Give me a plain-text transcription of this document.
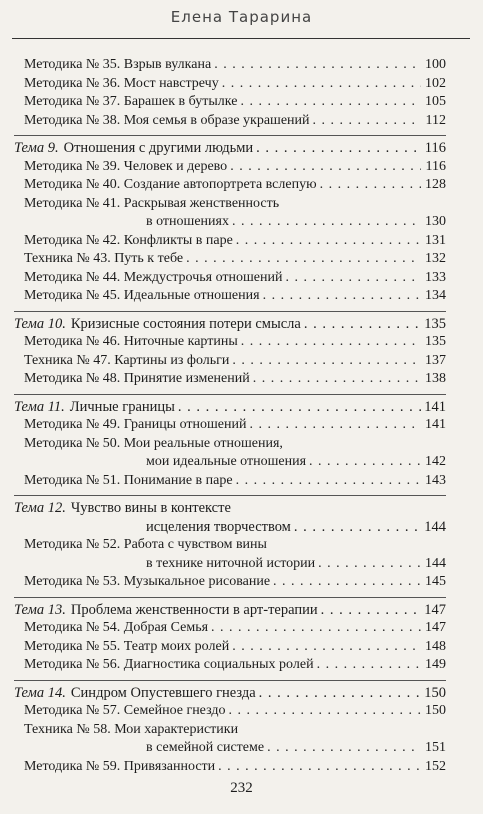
Елена Тарарина
Методика № 35. Взрыв вулкана . . .	100
Методика № 36. Мост навстречу . . .	102
Методика № 37. Барашек в бутылке . . .	105
Методика № 38. Моя семья в образе украшений . . .	112
Тема 9. Отношения с другими людьми . . .	116
Методика № 39. Человек и дерево . . .	116
Методика № 40. Создание автопортрета вслепую . . .	128
Методика № 41. Раскрывая женственность
в отношениях . . .	130
Методика № 42. Конфликты в паре . . .	131
Техника № 43. Путь к тебе . . .	132
Методика № 44. Междустрочья отношений . . .	133
Методика № 45. Идеальные отношения . . .	134
Тема 10. Кризисные состояния потери смысла . . .	135
Методика № 46. Ниточные картины . . .	135
Техника № 47. Картины из фольги . . .	137
Методика № 48. Принятие изменений . . .	138
Тема 11. Личные границы . . .	141
Методика № 49. Границы отношений . . .	141
Методика № 50. Мои реальные отношения,
мои идеальные отношения . . .	142
Методика № 51. Понимание в паре . . .	143
Тема 12. Чувство вины в контексте
исцеления творчеством . . .	144
Методика № 52. Работа с чувством вины
в технике ниточной истории . . .	144
Методика № 53. Музыкальное рисование . . .	145
Тема 13. Проблема женственности в арт-терапии . . .	147
Методика № 54. Добрая Семья . . .	147
Методика № 55. Театр моих ролей . . .	148
Методика № 56. Диагностика социальных ролей . . .	149
Тема 14. Синдром Опустевшего гнезда . . .	150
Методика № 57. Семейное гнездо . . .	150
Техника № 58. Мои характеристики
в семейной системе . . .	151
Методика № 59. Привязанности . . .	152
232
